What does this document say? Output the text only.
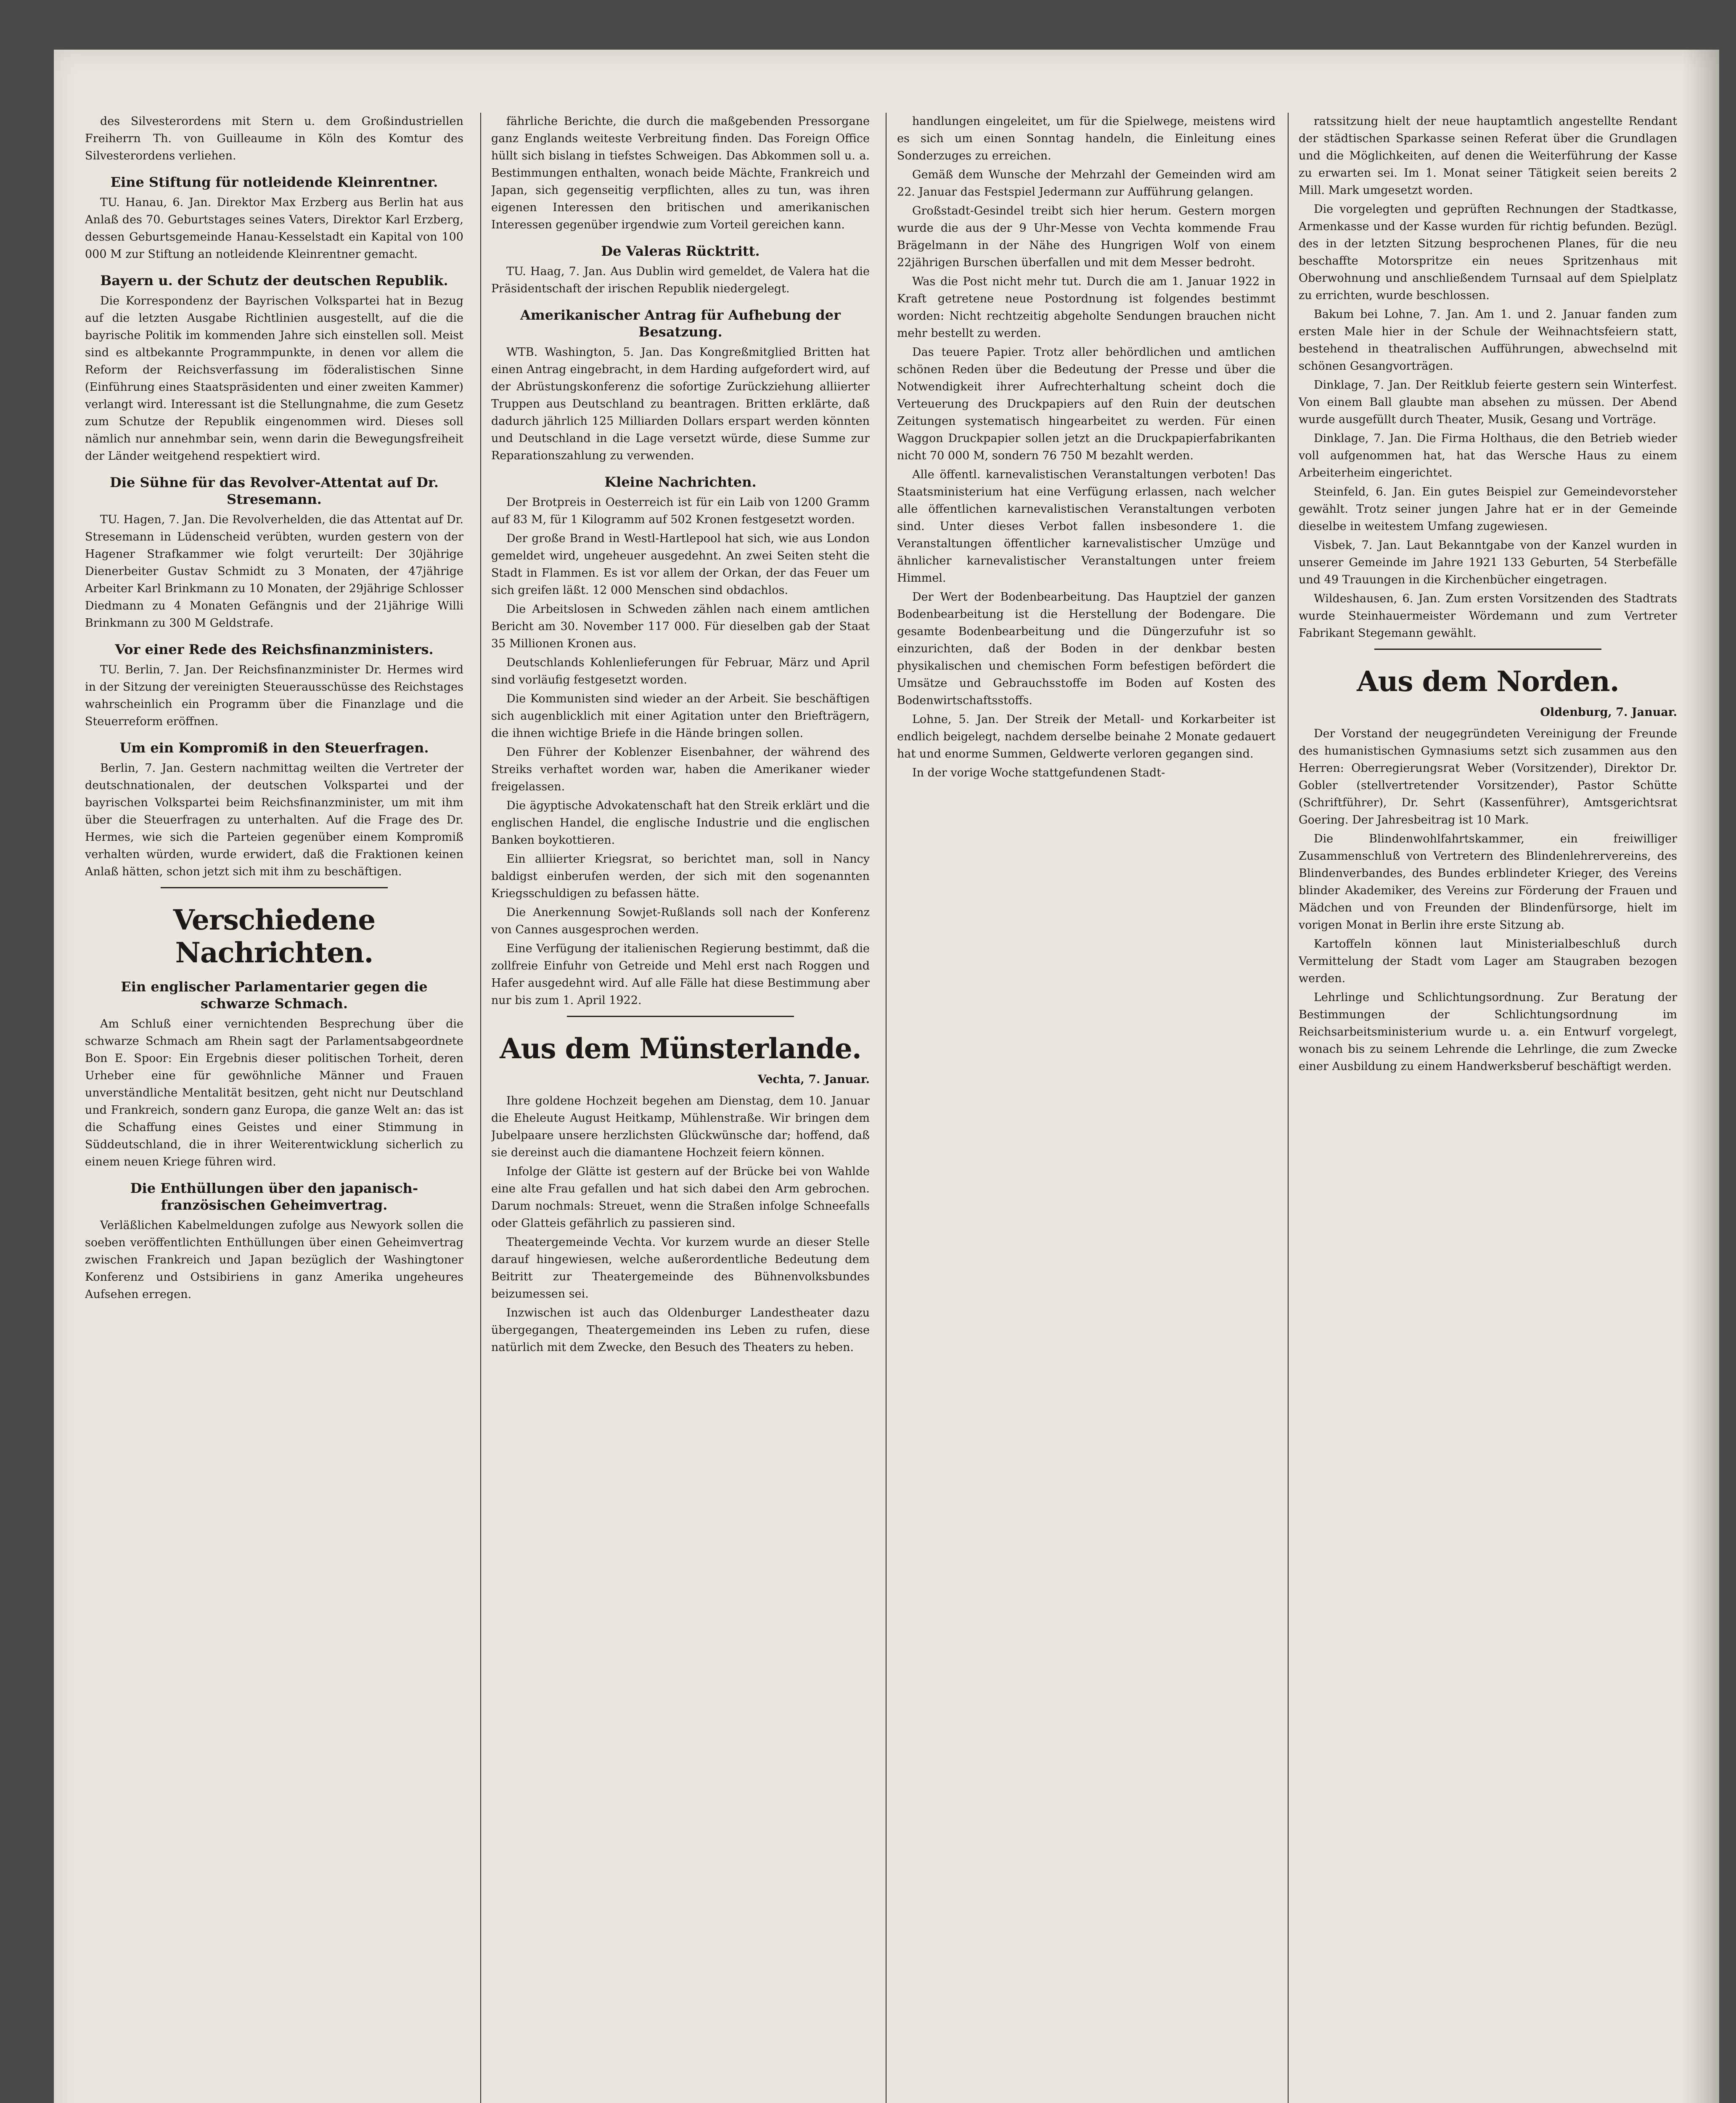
des Silvesterordens mit Stern u. dem Großindustriellen Freiherrn Th. von Guilleaume in Köln des Komtur des Silvesterordens verliehen.

Eine Stiftung für notleidende Kleinrentner.

TU. Hanau, 6. Jan. Direktor Max Erzberg aus Berlin hat aus Anlaß des 70. Geburtstages seines Vaters, Direktor Karl Erzberg, dessen Geburtsgemeinde Hanau-Kesselstadt ein Kapital von 100 000 M zur Stiftung an notleidende Kleinrentner gemacht.

Bayern u. der Schutz der deutschen Republik.

Die Korrespondenz der Bayrischen Volkspartei hat in Bezug auf die letzten Ausgabe Richtlinien ausgestellt, auf die die bayrische Politik im kommenden Jahre sich einstellen soll. Meist sind es altbekannte Programmpunkte, in denen vor allem die Reform der Reichsverfassung im föderalistischen Sinne (Einführung eines Staatspräsidenten und einer zweiten Kammer) verlangt wird. Interessant ist die Stellungnahme, die zum Gesetz zum Schutze der Republik eingenommen wird. Dieses soll nämlich nur annehmbar sein, wenn darin die Bewegungsfreiheit der Länder weitgehend respektiert wird.

Die Sühne für das Revolver-Attentat auf Dr. Stresemann.

TU. Hagen, 7. Jan. Die Revolverhelden, die das Attentat auf Dr. Stresemann in Lüdenscheid verübten, wurden gestern von der Hagener Strafkammer wie folgt verurteilt: Der 30jährige Dienerbeiter Gustav Schmidt zu 3 Monaten, der 47jährige Arbeiter Karl Brinkmann zu 10 Monaten, der 29jährige Schlosser Diedmann zu 4 Monaten Gefängnis und der 21jährige Willi Brinkmann zu 300 M Geldstrafe.

Vor einer Rede des Reichsfinanzministers.

TU. Berlin, 7. Jan. Der Reichsfinanzminister Dr. Hermes wird in der Sitzung der vereinigten Steuerausschüsse des Reichstages wahrscheinlich ein Programm über die Finanzlage und die Steuerreform eröffnen.

Um ein Kompromiß in den Steuerfragen.

Berlin, 7. Jan. Gestern nachmittag weilten die Vertreter der deutschnationalen, der deutschen Volkspartei und der bayrischen Volkspartei beim Reichsfinanzminister, um mit ihm über die Steuerfragen zu unterhalten. Auf die Frage des Dr. Hermes, wie sich die Parteien gegenüber einem Kompromiß verhalten würden, wurde erwidert, daß die Fraktionen keinen Anlaß hätten, schon jetzt sich mit ihm zu beschäftigen.

Verschiedene Nachrichten.
Ein englischer Parlamentarier gegen die schwarze Schmach.

Am Schluß einer vernichtenden Besprechung über die schwarze Schmach am Rhein sagt der Parlamentsabgeordnete Bon E. Spoor: Ein Ergebnis dieser politischen Torheit, deren Urheber eine für gewöhnliche Männer und Frauen unverständliche Mentalität besitzen, geht nicht nur Deutschland und Frankreich, sondern ganz Europa, die ganze Welt an: das ist die Schaffung eines Geistes und einer Stimmung in Süddeutschland, die in ihrer Weiterentwicklung sicherlich zu einem neuen Kriege führen wird.

Die Enthüllungen über den japanisch-französischen Geheimvertrag.

Verläßlichen Kabelmeldungen zufolge aus Newyork sollen die soeben veröffentlichten Enthüllungen über einen Geheimvertrag zwischen Frankreich und Japan bezüglich der Washingtoner Konferenz und Ostsibiriens in ganz Amerika ungeheures Aufsehen erregen.

fährliche Berichte, die durch die maßgebenden Pressorgane ganz Englands weiteste Verbreitung finden. Das Foreign Office hüllt sich bislang in tiefstes Schweigen. Das Abkommen soll u. a. Bestimmungen enthalten, wonach beide Mächte, Frankreich und Japan, sich gegenseitig verpflichten, alles zu tun, was ihren eigenen Interessen den britischen und amerikanischen Interessen gegenüber irgendwie zum Vorteil gereichen kann.

De Valeras Rücktritt.

TU. Haag, 7. Jan. Aus Dublin wird gemeldet, de Valera hat die Präsidentschaft der irischen Republik niedergelegt.

Amerikanischer Antrag für Aufhebung der Besatzung.

WTB. Washington, 5. Jan. Das Kongreßmitglied Britten hat einen Antrag eingebracht, in dem Harding aufgefordert wird, auf der Abrüstungskonferenz die sofortige Zurückziehung alliierter Truppen aus Deutschland zu beantragen. Britten erklärte, daß dadurch jährlich 125 Milliarden Dollars erspart werden könnten und Deutschland in die Lage versetzt würde, diese Summe zur Reparationszahlung zu verwenden.

Kleine Nachrichten.

Der Brotpreis in Oesterreich ist für ein Laib von 1200 Gramm auf 83 M, für 1 Kilogramm auf 502 Kronen festgesetzt worden.

Der große Brand in Westl-Hartlepool hat sich, wie aus London gemeldet wird, ungeheuer ausgedehnt. An zwei Seiten steht die Stadt in Flammen. Es ist vor allem der Orkan, der das Feuer um sich greifen läßt. 12 000 Menschen sind obdachlos.

Die Arbeitslosen in Schweden zählen nach einem amtlichen Bericht am 30. November 117 000. Für dieselben gab der Staat 35 Millionen Kronen aus.

Deutschlands Kohlenlieferungen für Februar, März und April sind vorläufig festgesetzt worden.

Die Kommunisten sind wieder an der Arbeit. Sie beschäftigen sich augenblicklich mit einer Agitation unter den Briefträgern, die ihnen wichtige Briefe in die Hände bringen sollen.

Den Führer der Koblenzer Eisenbahner, der während des Streiks verhaftet worden war, haben die Amerikaner wieder freigelassen.

Die ägyptische Advokatenschaft hat den Streik erklärt und die englischen Handel, die englische Industrie und die englischen Banken boykottieren.

Ein alliierter Kriegsrat, so berichtet man, soll in Nancy baldigst einberufen werden, der sich mit den sogenannten Kriegsschuldigen zu befassen hätte.

Die Anerkennung Sowjet-Rußlands soll nach der Konferenz von Cannes ausgesprochen werden.

Eine Verfügung der italienischen Regierung bestimmt, daß die zollfreie Einfuhr von Getreide und Mehl erst nach Roggen und Hafer ausgedehnt wird. Auf alle Fälle hat diese Bestimmung aber nur bis zum 1. April 1922.

Aus dem Münsterlande.
Vechta, 7. Januar.

Ihre goldene Hochzeit begehen am Dienstag, dem 10. Januar die Eheleute August Heitkamp, Mühlenstraße. Wir bringen dem Jubelpaare unsere herzlichsten Glückwünsche dar; hoffend, daß sie dereinst auch die diamantene Hochzeit feiern können.

Infolge der Glätte ist gestern auf der Brücke bei von Wahlde eine alte Frau gefallen und hat sich dabei den Arm gebrochen. Darum nochmals: Streuet, wenn die Straßen infolge Schneefalls oder Glatteis gefährlich zu passieren sind.

Theatergemeinde Vechta. Vor kurzem wurde an dieser Stelle darauf hingewiesen, welche außerordentliche Bedeutung dem Beitritt zur Theatergemeinde des Bühnenvolksbundes beizumessen sei.

Inzwischen ist auch das Oldenburger Landestheater dazu übergegangen, Theatergemeinden ins Leben zu rufen, diese natürlich mit dem Zwecke, den Besuch des Theaters zu heben.

handlungen eingeleitet, um für die Spielwege, meistens wird es sich um einen Sonntag handeln, die Einleitung eines Sonderzuges zu erreichen.

Gemäß dem Wunsche der Mehrzahl der Gemeinden wird am 22. Januar das Festspiel Jedermann zur Aufführung gelangen.

Großstadt-Gesindel treibt sich hier herum. Gestern morgen wurde die aus der 9 Uhr-Messe von Vechta kommende Frau Brägelmann in der Nähe des Hungrigen Wolf von einem 22jährigen Burschen überfallen und mit dem Messer bedroht.

Was die Post nicht mehr tut. Durch die am 1. Januar 1922 in Kraft getretene neue Postordnung ist folgendes bestimmt worden: Nicht rechtzeitig abgeholte Sendungen brauchen nicht mehr bestellt zu werden.

Das teuere Papier. Trotz aller behördlichen und amtlichen schönen Reden über die Bedeutung der Presse und über die Notwendigkeit ihrer Aufrechterhaltung scheint doch die Verteuerung des Druckpapiers auf den Ruin der deutschen Zeitungen systematisch hingearbeitet zu werden. Für einen Waggon Druckpapier sollen jetzt an die Druckpapierfabrikanten nicht 70 000 M, sondern 76 750 M bezahlt werden.

Alle öffentl. karnevalistischen Veranstaltungen verboten! Das Staatsministerium hat eine Verfügung erlassen, nach welcher alle öffentlichen karnevalistischen Veranstaltungen verboten sind. Unter dieses Verbot fallen insbesondere 1. die Veranstaltungen öffentlicher karnevalistischer Umzüge und ähnlicher karnevalistischer Veranstaltungen unter freiem Himmel.

Der Wert der Bodenbearbeitung. Das Hauptziel der ganzen Bodenbearbeitung ist die Herstellung der Bodengare. Die gesamte Bodenbearbeitung und die Düngerzufuhr ist so einzurichten, daß der Boden in der denkbar besten physikalischen und chemischen Form befestigen befördert die Umsätze und Gebrauchsstoffe im Boden auf Kosten des Bodenwirtschaftsstoffs.

Lohne, 5. Jan. Der Streik der Metall- und Korkarbeiter ist endlich beigelegt, nachdem derselbe beinahe 2 Monate gedauert hat und enorme Summen, Geldwerte verloren gegangen sind.

In der vorige Woche stattgefundenen Stadt-

ratssitzung hielt der neue hauptamtlich angestellte Rendant der städtischen Sparkasse seinen Referat über die Grundlagen und die Möglichkeiten, auf denen die Weiterführung der Kasse zu erwarten sei. Im 1. Monat seiner Tätigkeit seien bereits 2 Mill. Mark umgesetzt worden.

Die vorgelegten und geprüften Rechnungen der Stadtkasse, Armenkasse und der Kasse wurden für richtig befunden. Bezügl. des in der letzten Sitzung besprochenen Planes, für die neu beschaffte Motorspritze ein neues Spritzenhaus mit Oberwohnung und anschließendem Turnsaal auf dem Spielplatz zu errichten, wurde beschlossen.

Bakum bei Lohne, 7. Jan. Am 1. und 2. Januar fanden zum ersten Male hier in der Schule der Weihnachtsfeiern statt, bestehend in theatralischen Aufführungen, abwechselnd mit schönen Gesangvorträgen.

Dinklage, 7. Jan. Der Reitklub feierte gestern sein Winterfest. Von einem Ball glaubte man absehen zu müssen. Der Abend wurde ausgefüllt durch Theater, Musik, Gesang und Vorträge.

Dinklage, 7. Jan. Die Firma Holthaus, die den Betrieb wieder voll aufgenommen hat, hat das Wersche Haus zu einem Arbeiterheim eingerichtet.

Steinfeld, 6. Jan. Ein gutes Beispiel zur Gemeindevorsteher gewählt. Trotz seiner jungen Jahre hat er in der Gemeinde dieselbe in weitestem Umfang zugewiesen.

Visbek, 7. Jan. Laut Bekanntgabe von der Kanzel wurden in unserer Gemeinde im Jahre 1921 133 Geburten, 54 Sterbefälle und 49 Trauungen in die Kirchenbücher eingetragen.

Wildeshausen, 6. Jan. Zum ersten Vorsitzenden des Stadtrats wurde Steinhauermeister Wördemann und zum Vertreter Fabrikant Stegemann gewählt.

Aus dem Norden.
Oldenburg, 7. Januar.

Der Vorstand der neugegründeten Vereinigung der Freunde des humanistischen Gymnasiums setzt sich zusammen aus den Herren: Oberregierungsrat Weber (Vorsitzender), Direktor Dr. Gobler (stellvertretender Vorsitzender), Pastor Schütte (Schriftführer), Dr. Sehrt (Kassenführer), Amtsgerichtsrat Goering. Der Jahresbeitrag ist 10 Mark.

Die Blindenwohlfahrtskammer, ein freiwilliger Zusammenschluß von Vertretern des Blindenlehrervereins, des Blindenverbandes, des Bundes erblindeter Krieger, des Vereins blinder Akademiker, des Vereins zur Förderung der Frauen und Mädchen und von Freunden der Blindenfürsorge, hielt im vorigen Monat in Berlin ihre erste Sitzung ab.

Kartoffeln können laut Ministerialbeschluß durch Vermittelung der Stadt vom Lager am Staugraben bezogen werden.

Lehrlinge und Schlichtungsordnung. Zur Beratung der Bestimmungen der Schlichtungsordnung im Reichsarbeitsministerium wurde u. a. ein Entwurf vorgelegt, wonach bis zu seinem Lehrende die Lehrlinge, die zum Zwecke einer Ausbildung zu einem Handwerksberuf beschäftigt werden.
